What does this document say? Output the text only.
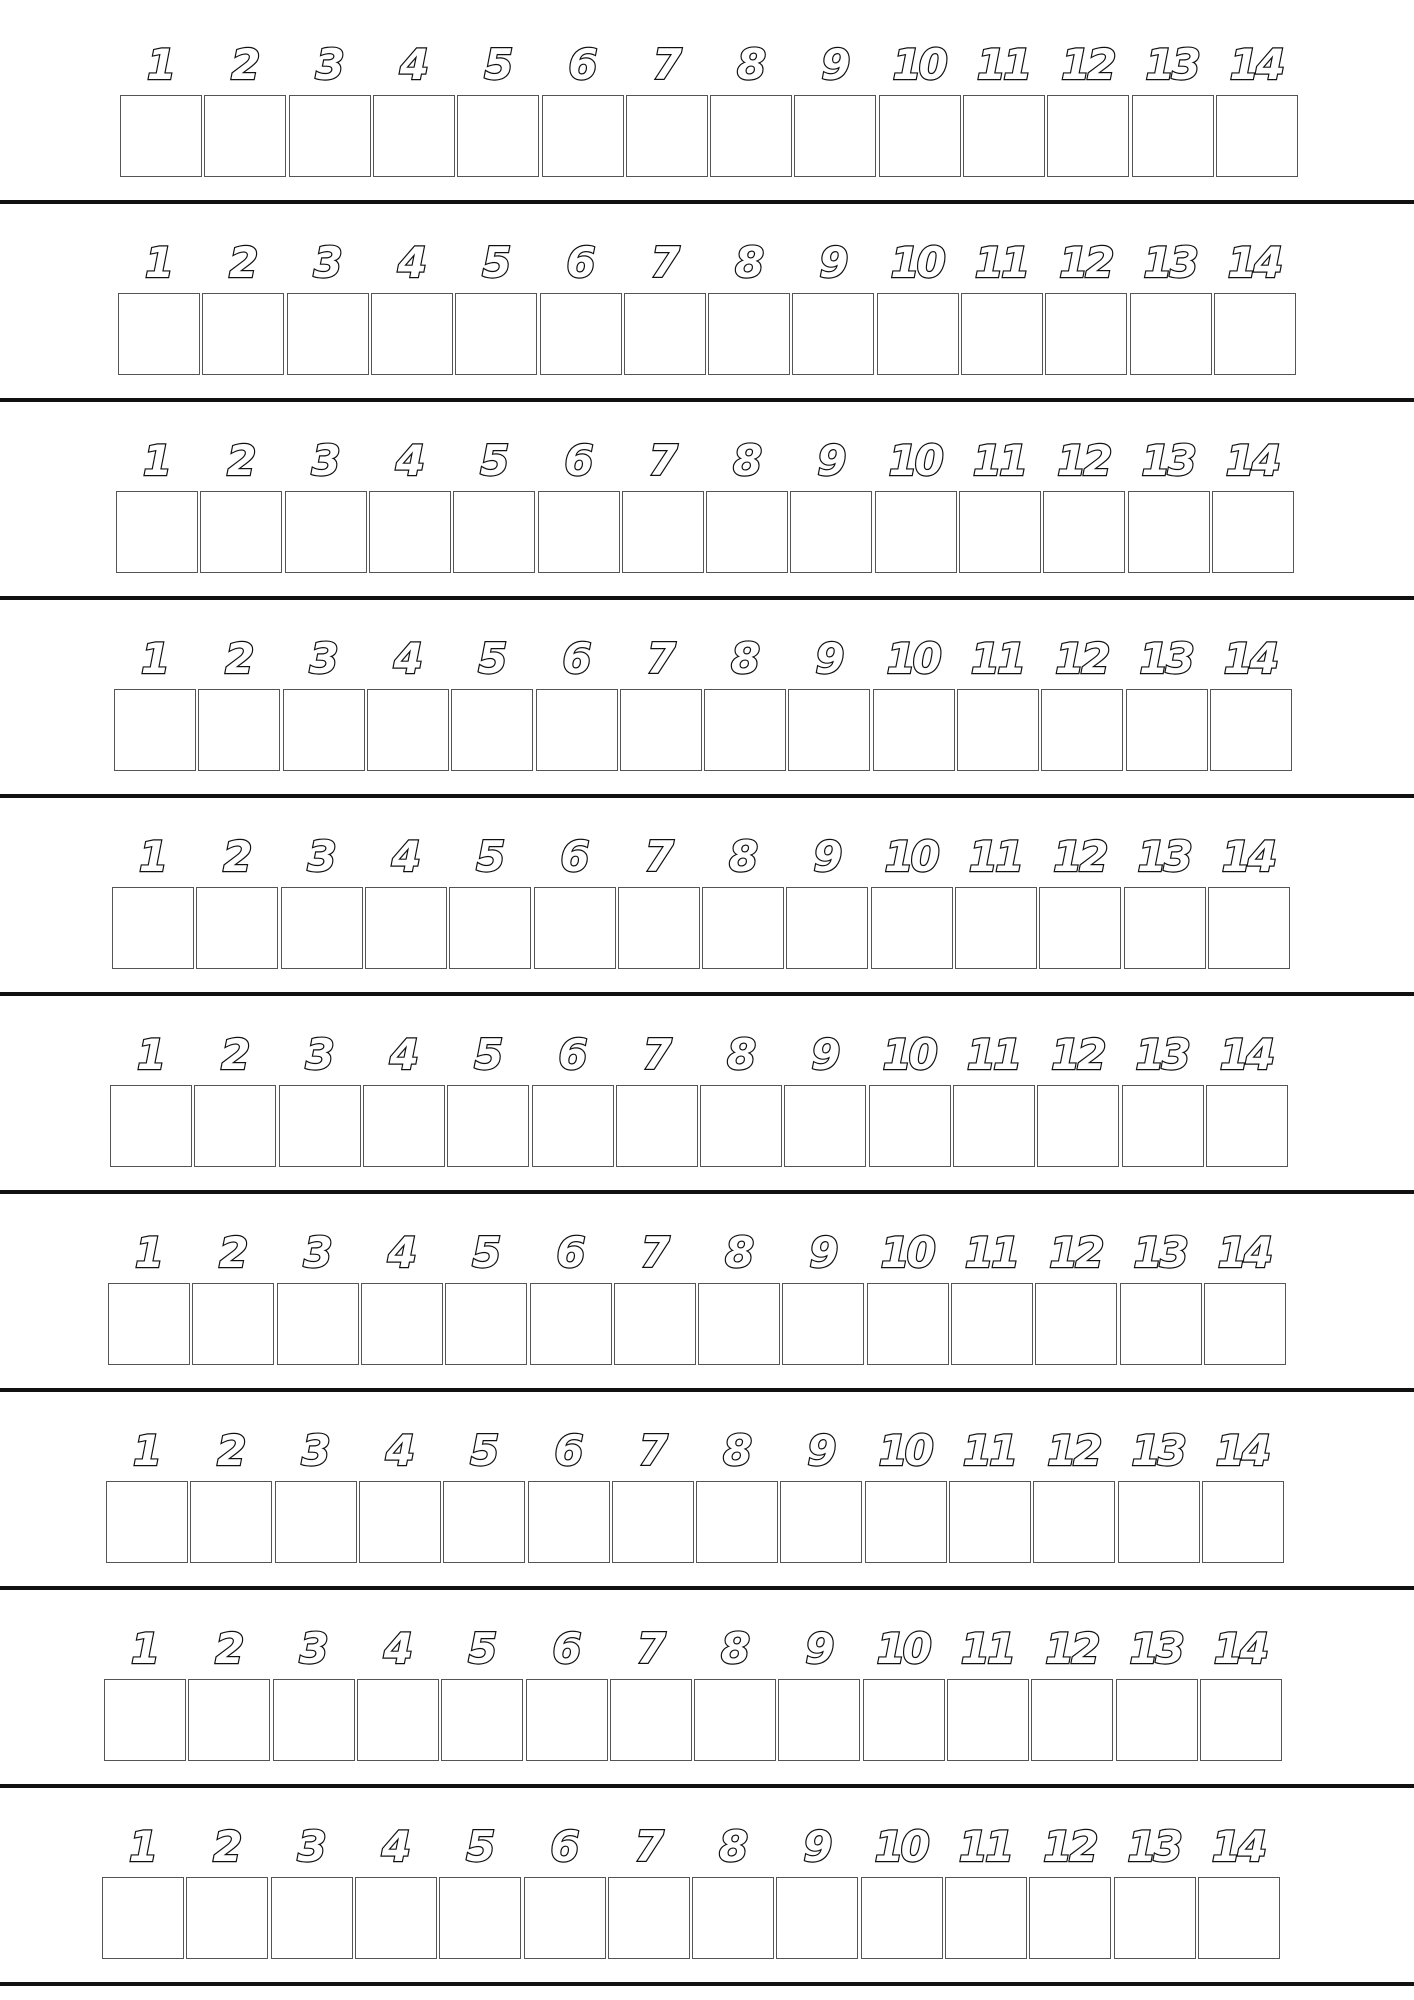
1	2	3	4	5	6	7	8	9	10 11 12 13 14
1	2	3	4	5	6	7	8	9	10 11 12 13 14
1	2	3	4	5	6	7	8	9	10 11 12 13 14
1	2	3	4	5	6	7	8	9	10 11 12 13 14
1	2	3	4	5	6	7	8	9	10 11 12 13 14
1	2	3	4	5	6	7	8	9	10 11 12 13 14
1	2	3	4	5	6	7	8	9	10 11 12 13 14
1	2	3	4	5	6	7	8	9	10 11 12 13 14
1	2	3	4	5	6	7	8	9	10 11 12 13 14
1	2	3	4	5	6	7	8	9	10 11 12 13 14
